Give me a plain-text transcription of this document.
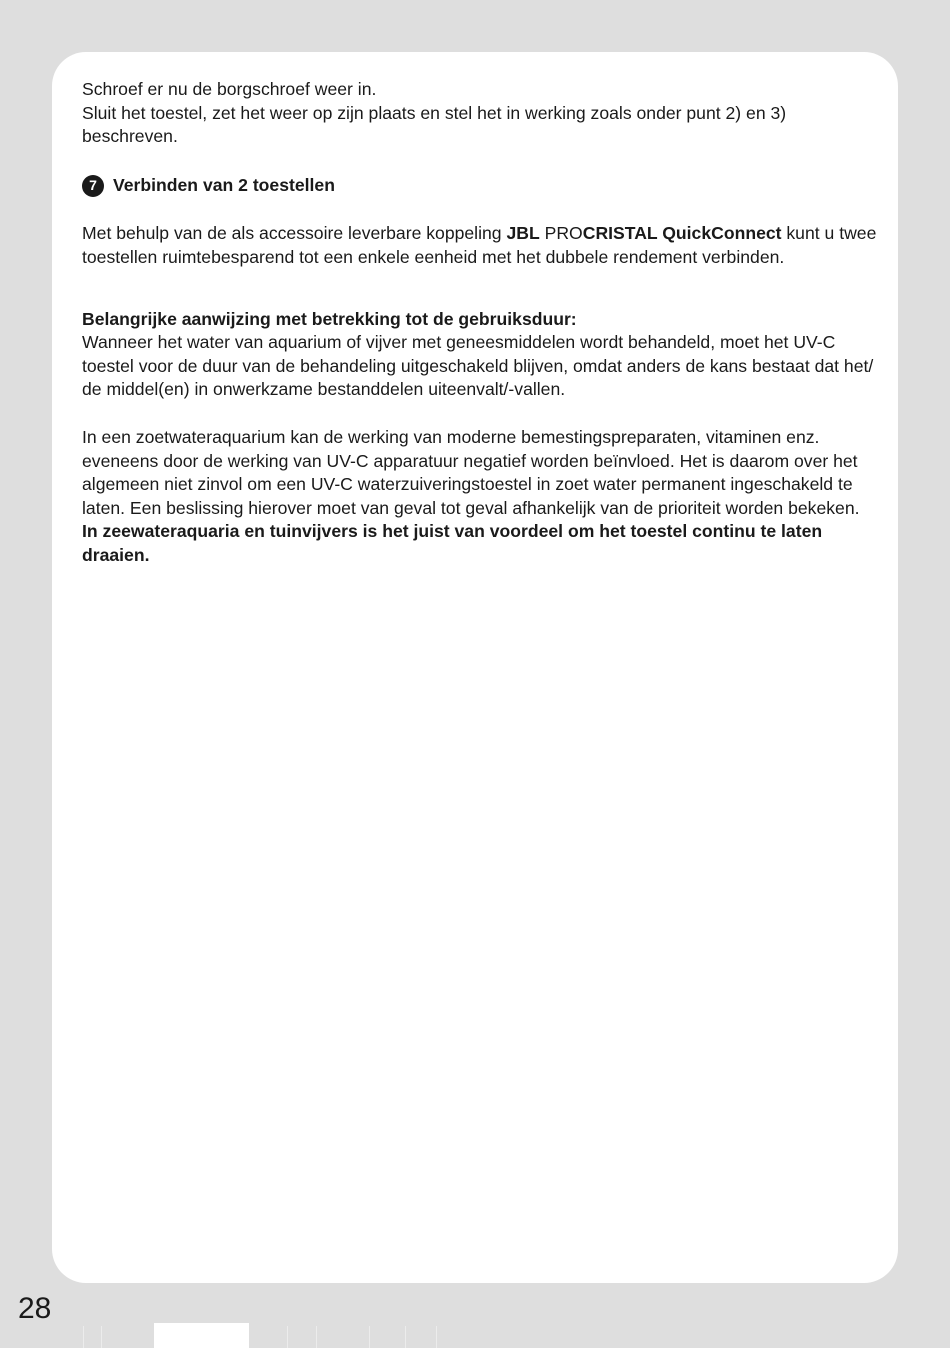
Schroef er nu de borgschroef weer in.

Sluit het toestel, zet het weer op zijn plaats en stel het in werking zoals onder punt 2) en 3) beschreven.

7 Verbinden van 2 toestellen

Met behulp van de als accessoire leverbare koppeling JBL PROCRISTAL QuickConnect kunt u twee toestellen ruimtebesparend tot een enkele eenheid met het dubbele rendement verbinden.

Belangrijke aanwijzing met betrekking tot de gebruiksduur:

Wanneer het water van aquarium of vijver met geneesmiddelen wordt behandeld, moet het UV-C toestel voor de duur van de behandeling uitgeschakeld blijven, omdat anders de kans bestaat dat het/ de middel(en) in onwerkzame bestanddelen uiteenvalt/-vallen.

In een zoetwateraquarium kan de werking van moderne bemestingspreparaten, vitaminen enz. eveneens door de werking van UV-C apparatuur negatief worden beïnvloed. Het is daarom over het algemeen niet zinvol om een UV-C waterzuiveringstoestel in zoet water permanent ingeschakeld te laten. Een beslissing hierover moet van geval tot geval afhankelijk van de prioriteit worden bekeken.

In zeewateraquaria en tuinvijvers is het juist van voordeel om het toestel continu te laten draaien.

28
